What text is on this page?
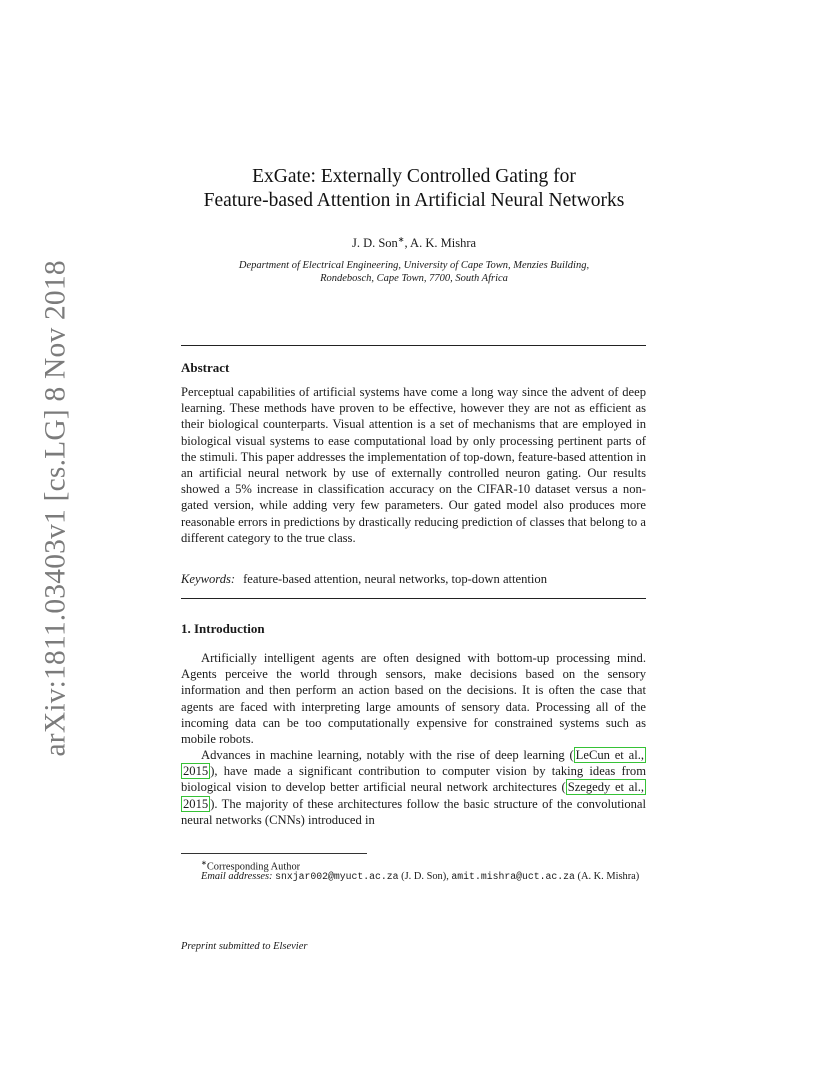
arXiv:1811.03403v1 [cs.LG] 8 Nov 2018
ExGate: Externally Controlled Gating for
Feature-based Attention in Artificial Neural Networks
J. D. Son∗, A. K. Mishra
Department of Electrical Engineering, University of Cape Town, Menzies Building,
Rondebosch, Cape Town, 7700, South Africa
Abstract
Perceptual capabilities of artificial systems have come a long way since the advent of deep learning. These methods have proven to be effective, however they are not as efficient as their biological counterparts. Visual attention is a set of mechanisms that are employed in biological visual systems to ease computational load by only processing pertinent parts of the stimuli. This paper addresses the implementation of top-down, feature-based attention in an artificial neural network by use of externally controlled neuron gating. Our results showed a 5% increase in classification accuracy on the CIFAR-10 dataset versus a non-gated version, while adding very few parameters. Our gated model also produces more reasonable errors in predictions by drastically reducing prediction of classes that belong to a different category to the true class.
Keywords: feature-based attention, neural networks, top-down attention
1. Introduction
Artificially intelligent agents are often designed with bottom-up processing mind. Agents perceive the world through sensors, make decisions based on the sensory information and then perform an action based on the decisions. It is often the case that agents are faced with interpreting large amounts of sensory data. Processing all of the incoming data can be too computationally expensive for constrained systems such as mobile robots.
Advances in machine learning, notably with the rise of deep learning ( LeCun et al., 2015 ), have made a significant contribution to computer vision by taking ideas from biological vision to develop better artificial neural network architectures ( Szegedy et al., 2015 ). The majority of these architectures follow the basic structure of the convolutional neural networks (CNNs) introduced in
∗Corresponding Author
Email addresses: snxjar002@myuct.ac.za (J. D. Son), amit.mishra@uct.ac.za (A. K. Mishra)
Preprint submitted to Elsevier
